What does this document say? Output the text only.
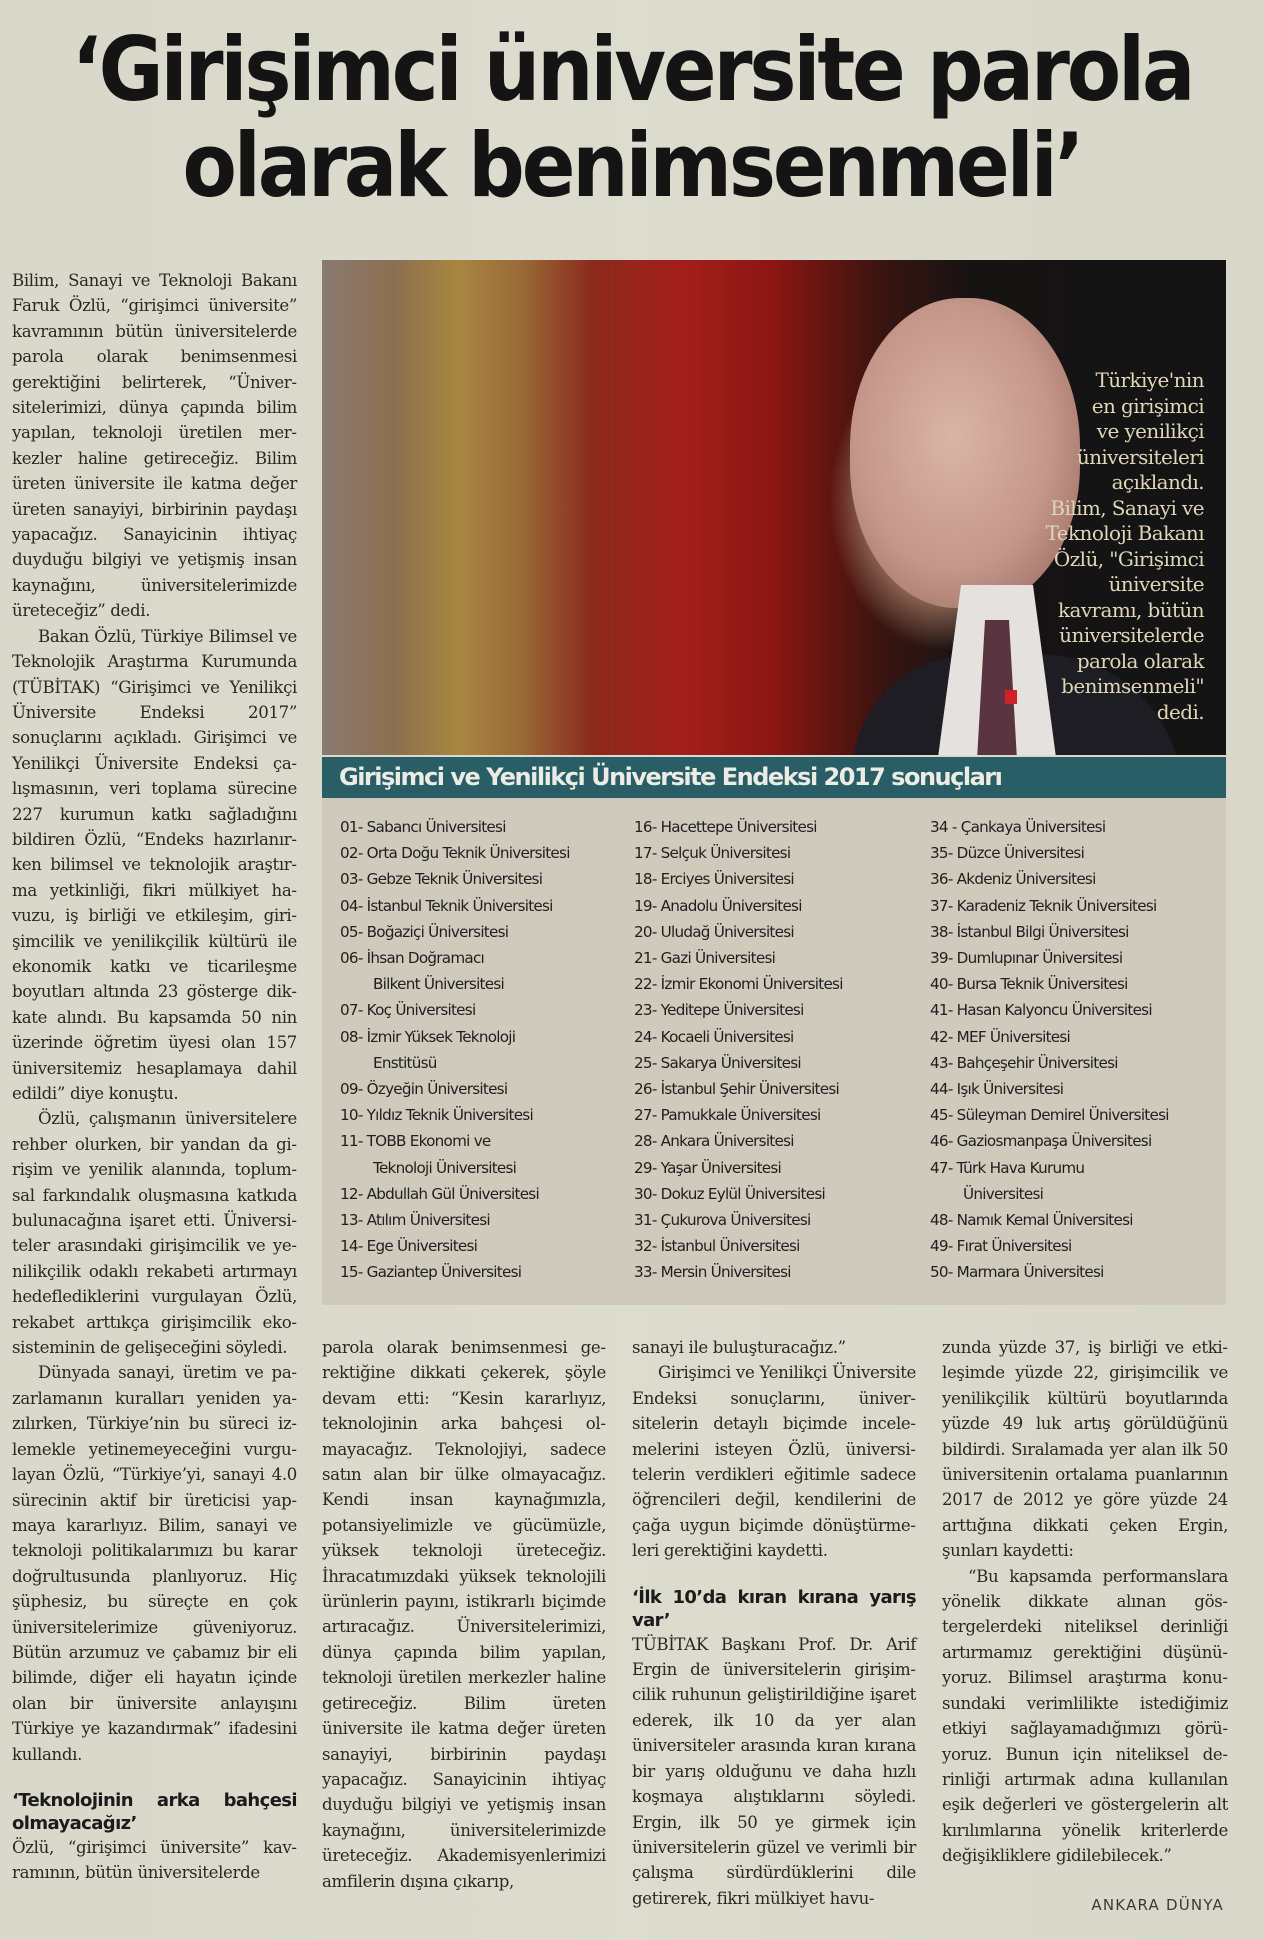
‘Girişimci üniversite parola
olarak benimsenmeli’

Bilim, Sanayi ve Teknoloji Bakanı Faruk Özlü, “girişimci üniversite” kavramının bütün üniversitelerde parola olarak benimsenmesi gerektiğini belirterek, “Üniversitelerimizi, dünya çapında bilim yapılan, teknoloji üretilen merkezler haline getireceğiz. Bilim üreten üniversite ile katma değer üreten sanayiyi, birbirinin paydaşı yapacağız. Sanayicinin ihtiyaç duyduğu bilgiyi ve yetişmiş insan kaynağını, üniversitelerimizde üreteceğiz” dedi.

Bakan Özlü, Türkiye Bilimsel ve Teknolojik Araştırma Kurumunda (TÜBİTAK) “Girişimci ve Yenilikçi Üniversite Endeksi 2017” sonuçlarını açıkladı. Girişimci ve Yenilikçi Üniversite Endeksi çalışmasının, veri toplama sürecine 227 kurumun katkı sağladığını bildiren Özlü, “Endeks hazırlanırken bilimsel ve teknolojik araştırma yetkinliği, fikri mülkiyet havuzu, iş birliği ve etkileşim, girişimcilik ve yenilikçilik kültürü ile ekonomik katkı ve ticarileşme boyutları altında 23 gösterge dikkate alındı. Bu kapsamda 50 nin üzerinde öğretim üyesi olan 157 üniversitemiz hesaplamaya dahil edildi” diye konuştu.

Özlü, çalışmanın üniversitelere rehber olurken, bir yandan da girişim ve yenilik alanında, toplumsal farkındalık oluşmasına katkıda bulunacağına işaret etti. Üniversiteler arasındaki girişimcilik ve yenilikçilik odaklı rekabeti artırmayı hedeflediklerini vurgulayan Özlü, rekabet arttıkça girişimcilik ekosisteminin de gelişeceğini söyledi.

Dünyada sanayi, üretim ve pazarlamanın kuralları yeniden yazılırken, Türkiye’nin bu süreci izlemekle yetinemeyeceğini vurgulayan Özlü, “Türkiye’yi, sanayi 4.0 sürecinin aktif bir üreticisi yapmaya kararlıyız. Bilim, sanayi ve teknoloji politikalarımızı bu karar doğrultusunda planlıyoruz. Hiç şüphesiz, bu süreçte en çok üniversitelerimize güveniyoruz. Bütün arzumuz ve çabamız bir eli bilimde, diğer eli hayatın içinde olan bir üniversite anlayışını Türkiye ye kazandırmak” ifadesini kullandı.

‘Teknolojinin arka bahçesi olmayacağız’

Özlü, “girişimci üniversite” kavramının, bütün üniversitelerde

Türkiye'nin
en girişimci
ve yenilikçi
üniversiteleri
açıklandı.
Bilim, Sanayi ve
Teknoloji Bakanı
Özlü, "Girişimci
üniversite
kavramı, bütün
üniversitelerde
parola olarak
benimsenmeli"
dedi.
Girişimci ve Yenilikçi Üniversite Endeksi 2017 sonuçları
01- Sabancı Üniversitesi
02- Orta Doğu Teknik Üniversitesi
03- Gebze Teknik Üniversitesi
04- İstanbul Teknik Üniversitesi
05- Boğaziçi Üniversitesi
06- İhsan Doğramacı
Bilkent Üniversitesi
07- Koç Üniversitesi
08- İzmir Yüksek Teknoloji
Enstitüsü
09- Özyeğin Üniversitesi
10- Yıldız Teknik Üniversitesi
11- TOBB Ekonomi ve
Teknoloji Üniversitesi
12- Abdullah Gül Üniversitesi
13- Atılım Üniversitesi
14- Ege Üniversitesi
15- Gaziantep Üniversitesi
16- Hacettepe Üniversitesi
17- Selçuk Üniversitesi
18- Erciyes Üniversitesi
19- Anadolu Üniversitesi
20- Uludağ Üniversitesi
21- Gazi Üniversitesi
22- İzmir Ekonomi Üniversitesi
23- Yeditepe Üniversitesi
24- Kocaeli Üniversitesi
25- Sakarya Üniversitesi
26- İstanbul Şehir Üniversitesi
27- Pamukkale Üniversitesi
28- Ankara Üniversitesi
29- Yaşar Üniversitesi
30- Dokuz Eylül Üniversitesi
31- Çukurova Üniversitesi
32- İstanbul Üniversitesi
33- Mersin Üniversitesi
34 - Çankaya Üniversitesi
35- Düzce Üniversitesi
36- Akdeniz Üniversitesi
37- Karadeniz Teknik Üniversitesi
38- İstanbul Bilgi Üniversitesi
39- Dumlupınar Üniversitesi
40- Bursa Teknik Üniversitesi
41- Hasan Kalyoncu Üniversitesi
42- MEF Üniversitesi
43- Bahçeşehir Üniversitesi
44- Işık Üniversitesi
45- Süleyman Demirel Üniversitesi
46- Gaziosmanpaşa Üniversitesi
47- Türk Hava Kurumu
Üniversitesi
48- Namık Kemal Üniversitesi
49- Fırat Üniversitesi
50- Marmara Üniversitesi

parola olarak benimsenmesi gerektiğine dikkati çekerek, şöyle devam etti: “Kesin kararlıyız, teknolojinin arka bahçesi olmayacağız. Teknolojiyi, sadece satın alan bir ülke olmayacağız. Kendi insan kaynağımızla, potansiyelimizle ve gücümüzle, yüksek teknoloji üreteceğiz. İhracatımızdaki yüksek teknolojili ürünlerin payını, istikrarlı biçimde artıracağız. Üniversitelerimizi, dünya çapında bilim yapılan, teknoloji üretilen merkezler haline getireceğiz. Bilim üreten üniversite ile katma değer üreten sanayiyi, birbirinin paydaşı yapacağız. Sanayicinin ihtiyaç duyduğu bilgiyi ve yetişmiş insan kaynağını, üniversitelerimizde üreteceğiz. Akademisyenlerimizi amfilerin dışına çıkarıp,

sanayi ile buluşturacağız.”

Girişimci ve Yenilikçi Üniversite Endeksi sonuçlarını, üniversitelerin detaylı biçimde incelemelerini isteyen Özlü, üniversitelerin verdikleri eğitimle sadece öğrencileri değil, kendilerini de çağa uygun biçimde dönüştürmeleri gerektiğini kaydetti.

‘İlk 10’da kıran kırana yarış var’

TÜBİTAK Başkanı Prof. Dr. Arif Ergin de üniversitelerin girişimcilik ruhunun geliştirildiğine işaret ederek, ilk 10 da yer alan üniversiteler arasında kıran kırana bir yarış olduğunu ve daha hızlı koşmaya alıştıklarını söyledi. Ergin, ilk 50 ye girmek için üniversitelerin güzel ve verimli bir çalışma sürdürdüklerini dile getirerek, fikri mülkiyet havu-

zunda yüzde 37, iş birliği ve etkileşimde yüzde 22, girişimcilik ve yenilikçilik kültürü boyutlarında yüzde 49 luk artış görüldüğünü bildirdi. Sıralamada yer alan ilk 50 üniversitenin ortalama puanlarının 2017 de 2012 ye göre yüzde 24 arttığına dikkati çeken Ergin, şunları kaydetti:

“Bu kapsamda performanslara yönelik dikkate alınan göstergelerdeki niteliksel derinliği artırmamız gerektiğini düşünüyoruz. Bilimsel araştırma konusundaki verimlilikte istediğimiz etkiyi sağlayamadığımızı görüyoruz. Bunun için niteliksel derinliği artırmak adına kullanılan eşik değerleri ve göstergelerin alt kırılımlarına yönelik kriterlerde değişikliklere gidilebilecek.”

ANKARA DÜNYA
